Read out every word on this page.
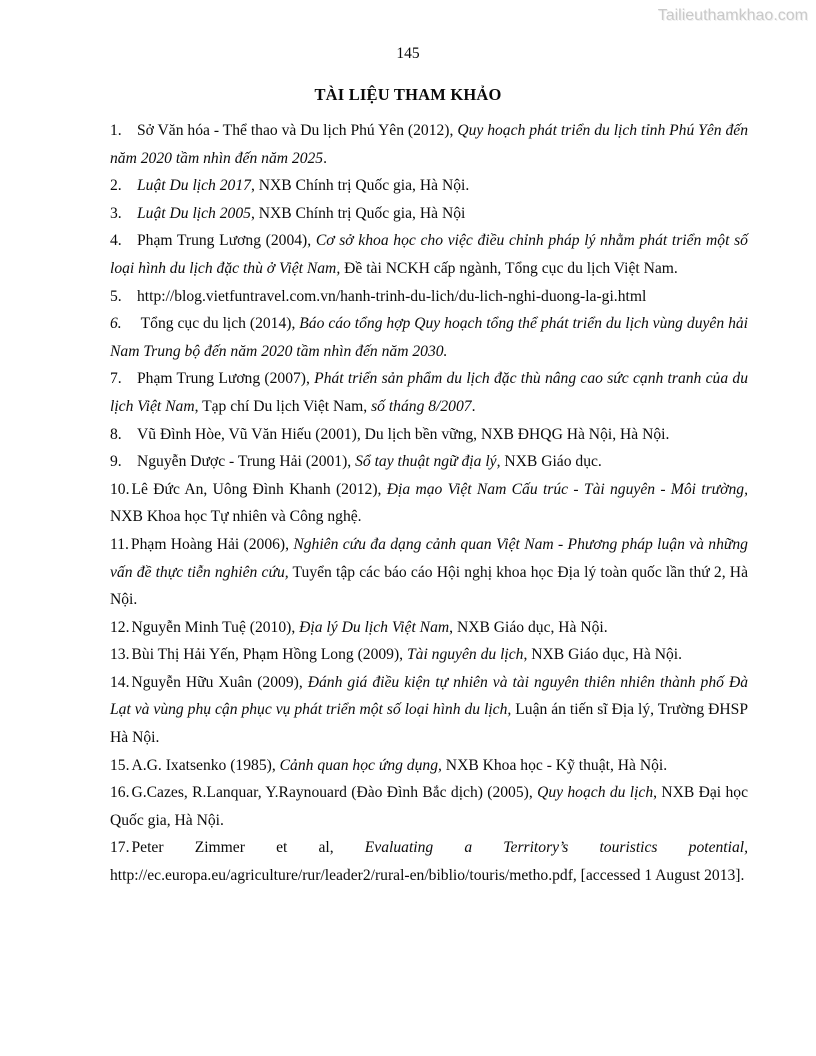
Tailieuthamkhao.com
145
TÀI LIỆU THAM KHẢO
1. Sở Văn hóa - Thể thao và Du lịch Phú Yên (2012), Quy hoạch phát triển du lịch tỉnh Phú Yên đến năm 2020 tầm nhìn đến năm 2025.
2. Luật Du lịch 2017, NXB Chính trị Quốc gia, Hà Nội.
3. Luật Du lịch 2005, NXB Chính trị Quốc gia, Hà Nội
4. Phạm Trung Lương (2004), Cơ sở khoa học cho việc điều chỉnh pháp lý nhằm phát triển một số loại hình du lịch đặc thù ở Việt Nam, Đề tài NCKH cấp ngành, Tổng cục du lịch Việt Nam.
5. http://blog.vietfuntravel.com.vn/hanh-trinh-du-lich/du-lich-nghi-duong-la-gi.html
6. Tổng cục du lịch (2014), Báo cáo tổng hợp Quy hoạch tổng thể phát triển du lịch vùng duyên hải Nam Trung bộ đến năm 2020 tầm nhìn đến năm 2030.
7. Phạm Trung Lương (2007), Phát triển sản phẩm du lịch đặc thù nâng cao sức cạnh tranh của du lịch Việt Nam, Tạp chí Du lịch Việt Nam, số tháng 8/2007.
8. Vũ Đình Hòe, Vũ Văn Hiếu (2001), Du lịch bền vững, NXB ĐHQG Hà Nội, Hà Nội.
9. Nguyễn Dược - Trung Hải (2001), Sổ tay thuật ngữ địa lý, NXB Giáo dục.
10. Lê Đức An, Uông Đình Khanh (2012), Địa mạo Việt Nam Cấu trúc - Tài nguyên - Môi trường, NXB Khoa học Tự nhiên và Công nghệ.
11. Phạm Hoàng Hải (2006), Nghiên cứu đa dạng cảnh quan Việt Nam - Phương pháp luận và những vấn đề thực tiễn nghiên cứu, Tuyển tập các báo cáo Hội nghị khoa học Địa lý toàn quốc lần thứ 2, Hà Nội.
12. Nguyễn Minh Tuệ (2010), Địa lý Du lịch Việt Nam, NXB Giáo dục, Hà Nội.
13. Bùi Thị Hải Yến, Phạm Hồng Long (2009), Tài nguyên du lịch, NXB Giáo dục, Hà Nội.
14. Nguyễn Hữu Xuân (2009), Đánh giá điều kiện tự nhiên và tài nguyên thiên nhiên thành phố Đà Lạt và vùng phụ cận phục vụ phát triển một số loại hình du lịch, Luận án tiến sĩ Địa lý, Trường ĐHSP Hà Nội.
15. A.G. Ixatsenko (1985), Cảnh quan học ứng dụng, NXB Khoa học - Kỹ thuật, Hà Nội.
16. G.Cazes, R.Lanquar, Y.Raynouard (Đào Đình Bắc dịch) (2005), Quy hoạch du lịch, NXB Đại học Quốc gia, Hà Nội.
17. Peter Zimmer et al, Evaluating a Territory’s touristics potential, http://ec.europa.eu/agriculture/rur/leader2/rural-en/biblio/touris/metho.pdf, [accessed 1 August 2013].
